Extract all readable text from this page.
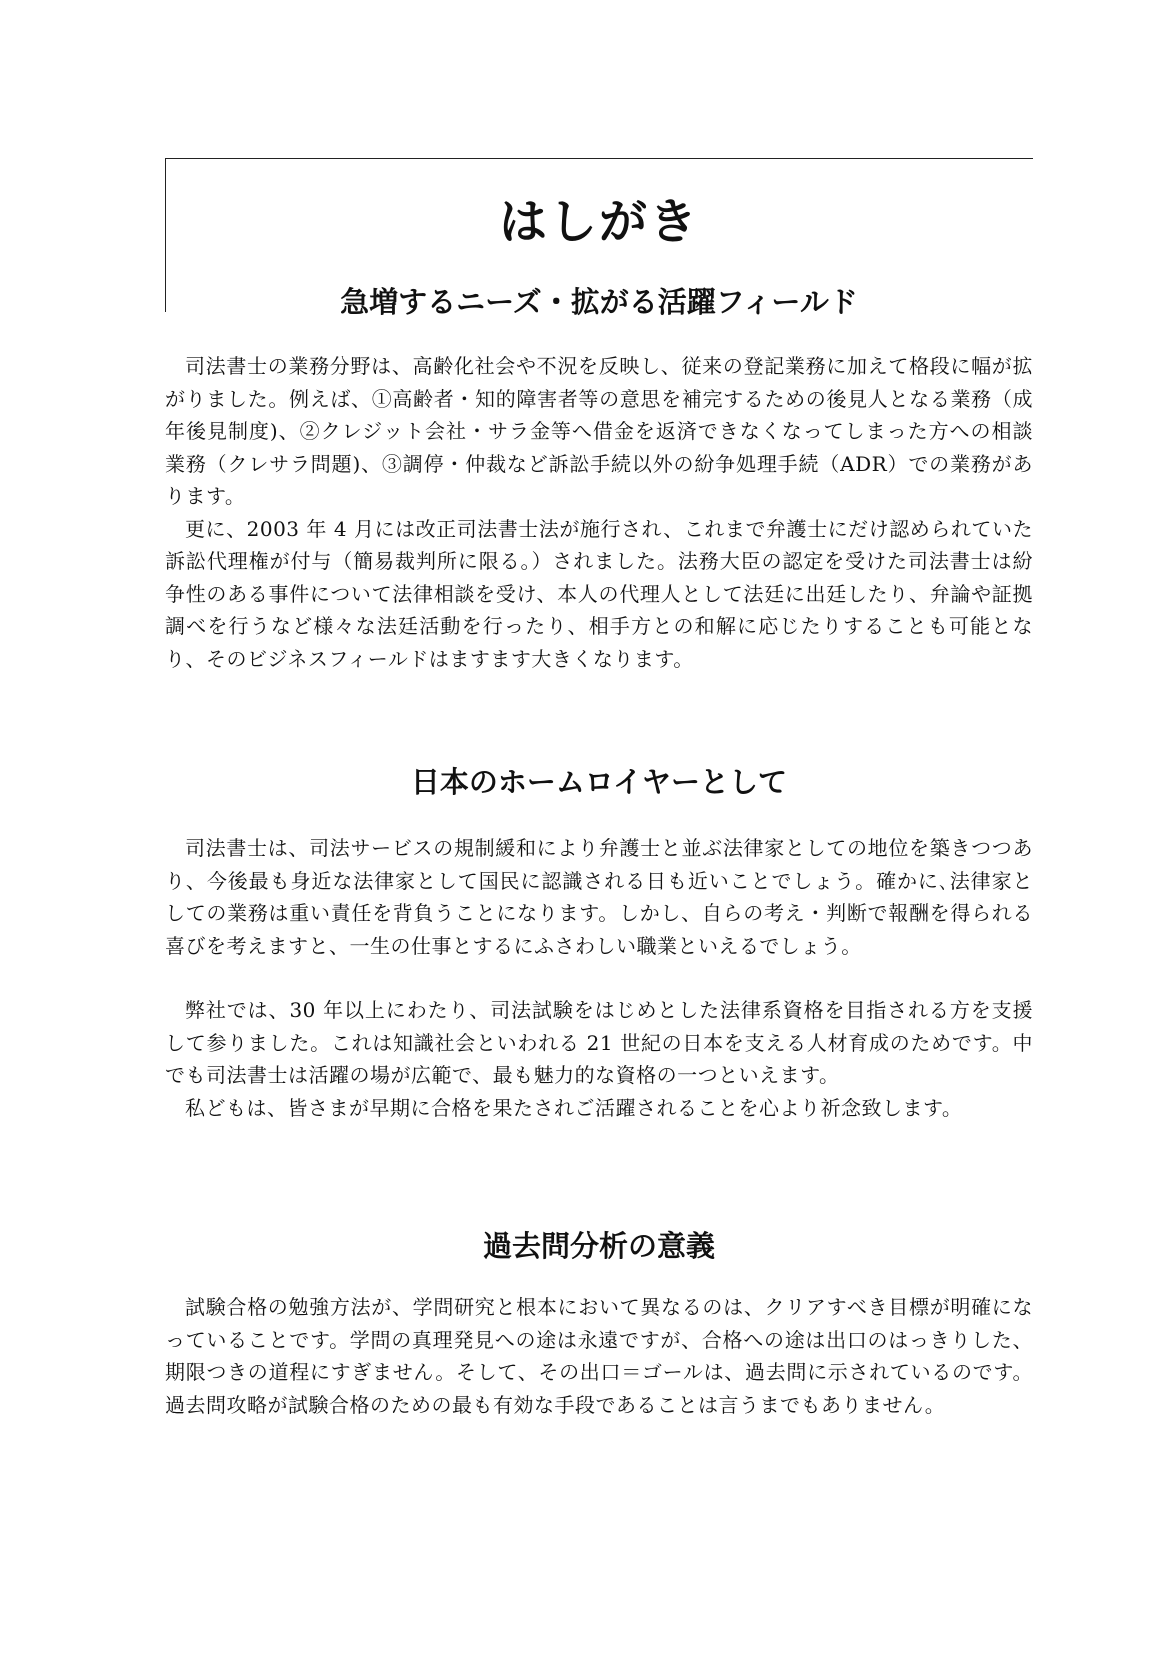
はしがき
急増するニーズ・拡がる活躍フィールド

司法書士の業務分野は、高齢化社会や不況を反映し、従来の登記業務に加えて格段に幅が拡がりました。例えば、①高齢者・知的障害者等の意思を補完するための後見人となる業務（成年後見制度)、②クレジット会社・サラ金等へ借金を返済できなくなってしまった方への相談業務（クレサラ問題)、③調停・仲裁など訴訟手続以外の紛争処理手続（ADR）での業務があります。

更に、2003 年 4 月には改正司法書士法が施行され、これまで弁護士にだけ認められていた訴訟代理権が付与（簡易裁判所に限る。）されました。法務大臣の認定を受けた司法書士は紛争性のある事件について法律相談を受け、本人の代理人として法廷に出廷したり、弁論や証拠調べを行うなど様々な法廷活動を行ったり、相手方との和解に応じたりすることも可能となり、そのビジネスフィールドはますます大きくなります。

日本のホームロイヤーとして

司法書士は、司法サービスの規制緩和により弁護士と並ぶ法律家としての地位を築きつつあり、今後最も身近な法律家として国民に認識される日も近いことでしょう。確かに､法律家としての業務は重い責任を背負うことになります。しかし、自らの考え・判断で報酬を得られる喜びを考えますと、一生の仕事とするにふさわしい職業といえるでしょう。

弊社では、30 年以上にわたり、司法試験をはじめとした法律系資格を目指される方を支援して参りました。これは知識社会といわれる 21 世紀の日本を支える人材育成のためです。中でも司法書士は活躍の場が広範で、最も魅力的な資格の一つといえます。

私どもは、皆さまが早期に合格を果たされご活躍されることを心より祈念致します。

過去問分析の意義

試験合格の勉強方法が、学問研究と根本において異なるのは、クリアすべき目標が明確になっていることです。学問の真理発見への途は永遠ですが、合格への途は出口のはっきりした、期限つきの道程にすぎません。そして、その出口＝ゴールは、過去問に示されているのです。過去問攻略が試験合格のための最も有効な手段であることは言うまでもありません。
